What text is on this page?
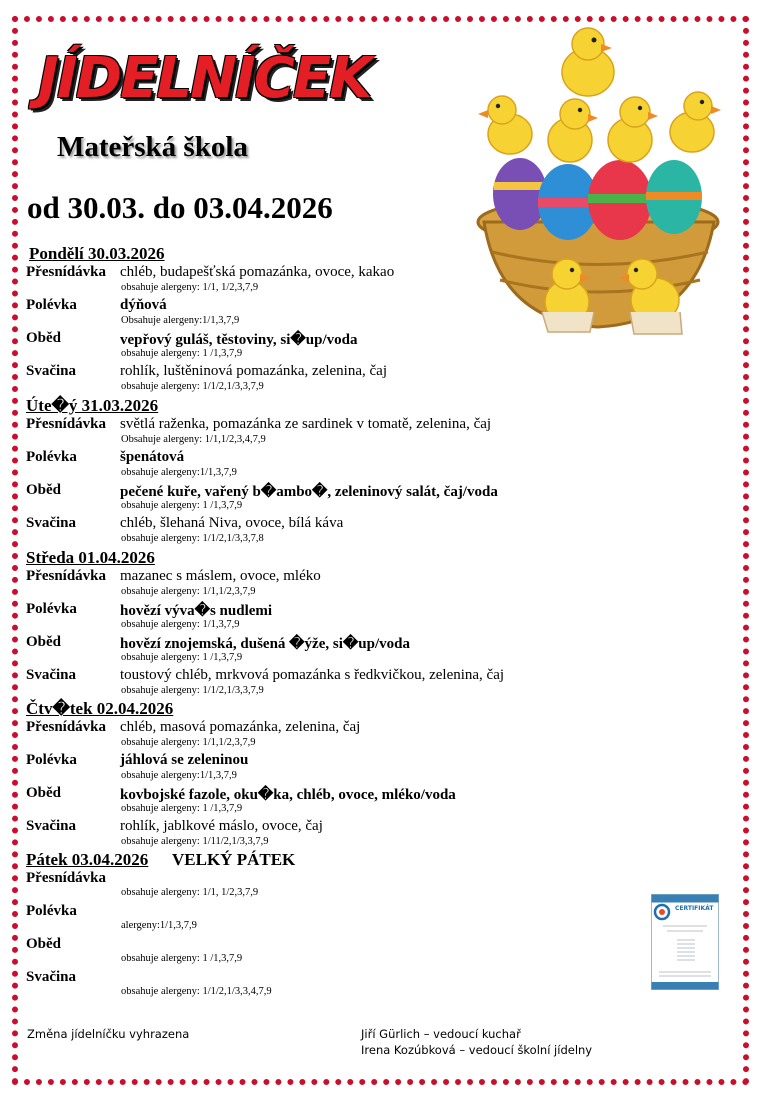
JÍDELNÍČEK
Mateřská škola
od 30.03. do 03.04.2026
Pondělí 30.03.2026
Přesnídávka chléb, budapešťská pomazánka, ovoce, kakao
obsahuje alergeny: 1/1, 1/2,3,7,9
Polévka	dýňová
Obsahuje alergeny:1/1,3,7,9
Oběd	vepřový guláš, těstoviny, si�up/voda
obsahuje alergeny: 1 /1,3,7,9
Svačina	rohlík, luštěninová pomazánka, zelenina, čaj
obsahuje alergeny: 1/1/2,1/3,3,7,9
Úte�ý 31.03.2026
Přesnídávka světlá raženka, pomazánka ze sardinek v tomatě, zelenina, čaj
Obsahuje alergeny: 1/1,1/2,3,4,7,9
Polévka	špenátová
obsahuje alergeny:1/1,3,7,9
Oběd	pečené kuře, vařený b�ambo�, zeleninový salát, čaj/voda
obsahuje alergeny: 1 /1,3,7,9
Svačina	chléb, šlehaná Niva, ovoce, bílá káva
obsahuje alergeny: 1/1/2,1/3,3,7,8
Středa 01.04.2026
Přesnídávka mazanec s máslem, ovoce, mléko
obsahuje alergeny: 1/1,1/2,3,7,9
Polévka	hovězí výva�s nudlemi
obsahuje alergeny: 1/1,3,7,9
Oběd	hovězí znojemská, dušená �ýže, si�up/voda
obsahuje alergeny: 1 /1,3,7,9
Svačina	toustový chléb, mrkvová pomazánka s ředkvičkou, zelenina, čaj
obsahuje alergeny: 1/1/2,1/3,3,7,9
Čtv�tek 02.04.2026
Přesnídávka chléb, masová pomazánka, zelenina, čaj
obsahuje alergeny: 1/1,1/2,3,7,9
Polévka	jáhlová se zeleninou
obsahuje alergeny:1/1,3,7,9
Oběd	kovbojské fazole, oku�ka, chléb, ovoce, mléko/voda
obsahuje alergeny: 1 /1,3,7,9
Svačina	rohlík, jablkové máslo, ovoce, čaj
obsahuje alergeny: 1/11/2,1/3,3,7,9
Pátek 03.04.2026 VELKÝ PÁTEK
Přesnídávka
obsahuje alergeny: 1/1, 1/2,3,7,9
Polévka
alergeny:1/1,3,7,9
Oběd
obsahuje alergeny: 1 /1,3,7,9
Svačina
obsahuje alergeny: 1/1/2,1/3,3,4,7,9
CERTIFIKÁT
Změna jídelníčku vyhrazena	Jiří Gürlich – vedoucí kuchař
Irena Kozúbková – vedoucí školní jídelny
